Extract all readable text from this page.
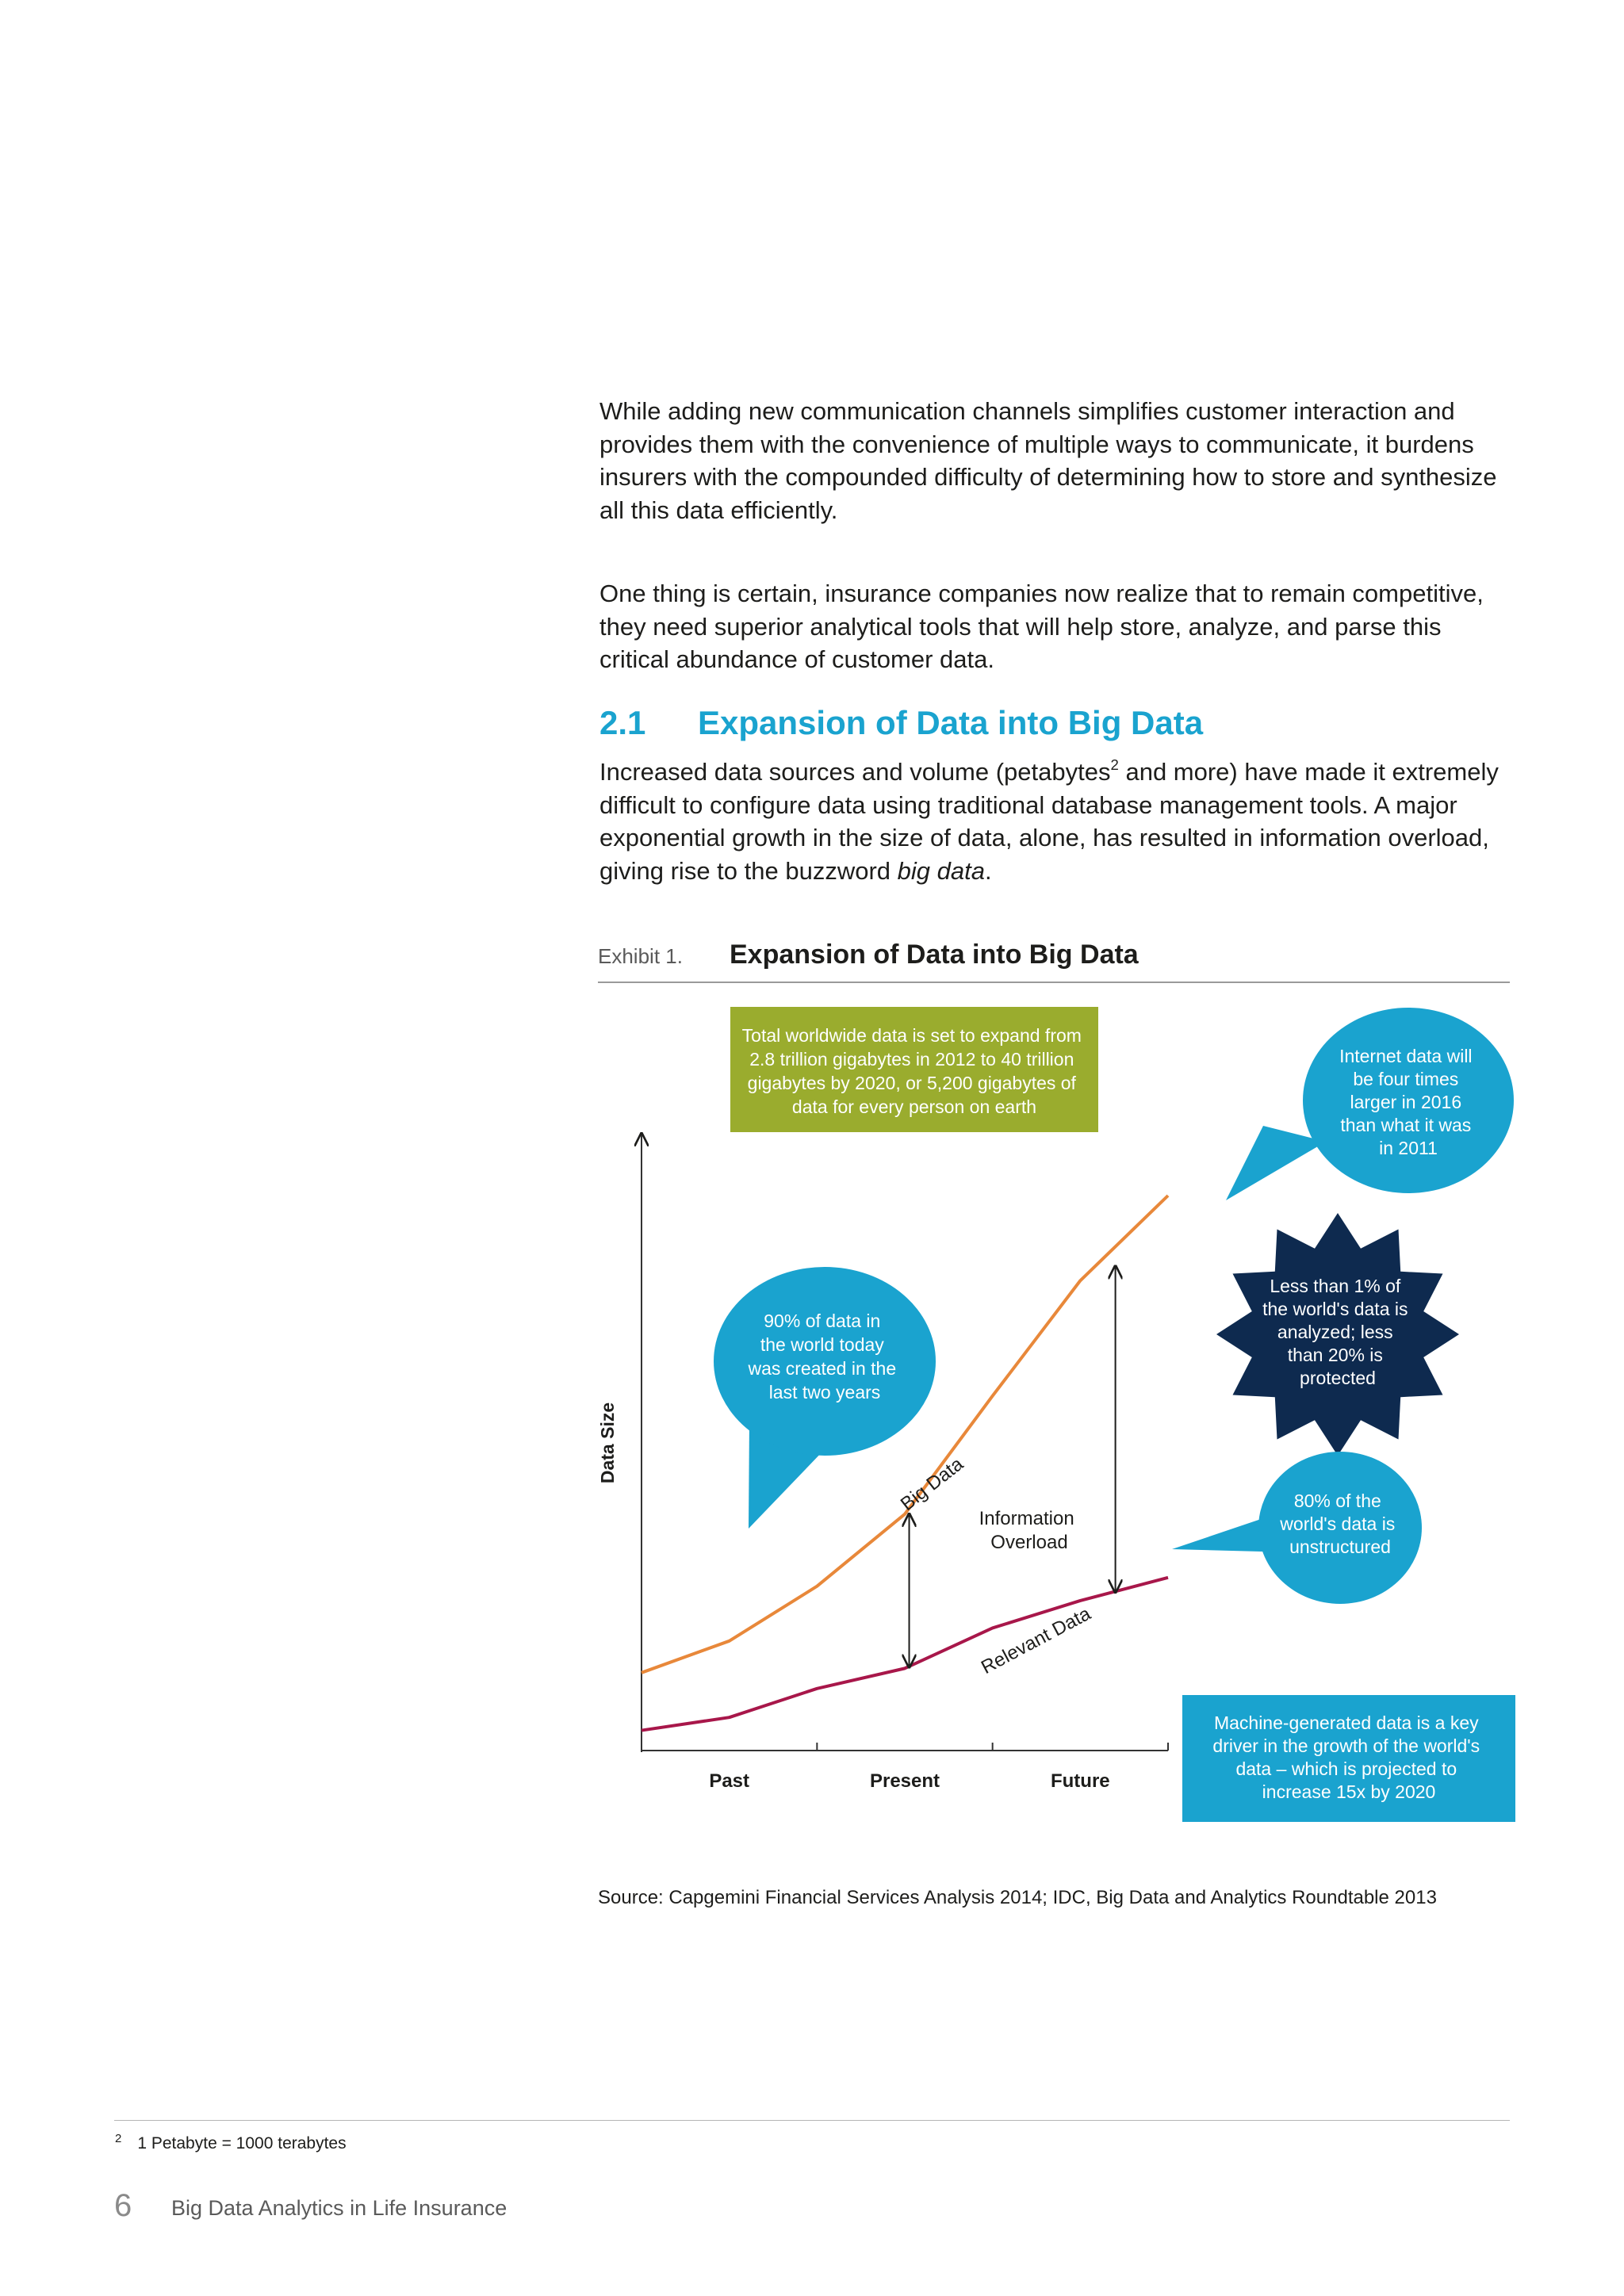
While adding new communication channels simplifies customer interaction and provides them with the convenience of multiple ways to communicate, it burdens insurers with the compounded difficulty of determining how to store and synthesize all this data efficiently.

One thing is certain, insurance companies now realize that to remain competitive, they need superior analytical tools that will help store, analyze, and parse this critical abundance of customer data.

2.1 Expansion of Data into Big Data

Increased data sources and volume (petabytes$^2$ and more) have made it extremely difficult to configure data using traditional database management tools. A major exponential growth in the size of data, alone, has resulted in information overload, giving rise to the buzzword big data.

Exhibit 1. Expansion of Data into Big Data
Past	Present	Future
Data Size
Big Data
Relevant Data
Information Overload
Total worldwide data is set to expand from 2.8 trillion gigabytes in 2012 to 40 trillion gigabytes by 2020, or 5,200 gigabytes of data for every person on earth
90% of data in the world today was created in the last two years
Internet data will be four times larger in 2016 than what it was in 2011
Less than 1% of the world's data is analyzed; less than 20% is protected
80% of the world's data is unstructured
Machine-generated data is a key driver in the growth of the world's data – which is projected to increase 15x by 2020
Source: Capgemini Financial Services Analysis 2014; IDC, Big Data and Analytics Roundtable 2013
$^2$ 1 Petabyte = 1000 terabytes
6 Big Data Analytics in Life Insurance
